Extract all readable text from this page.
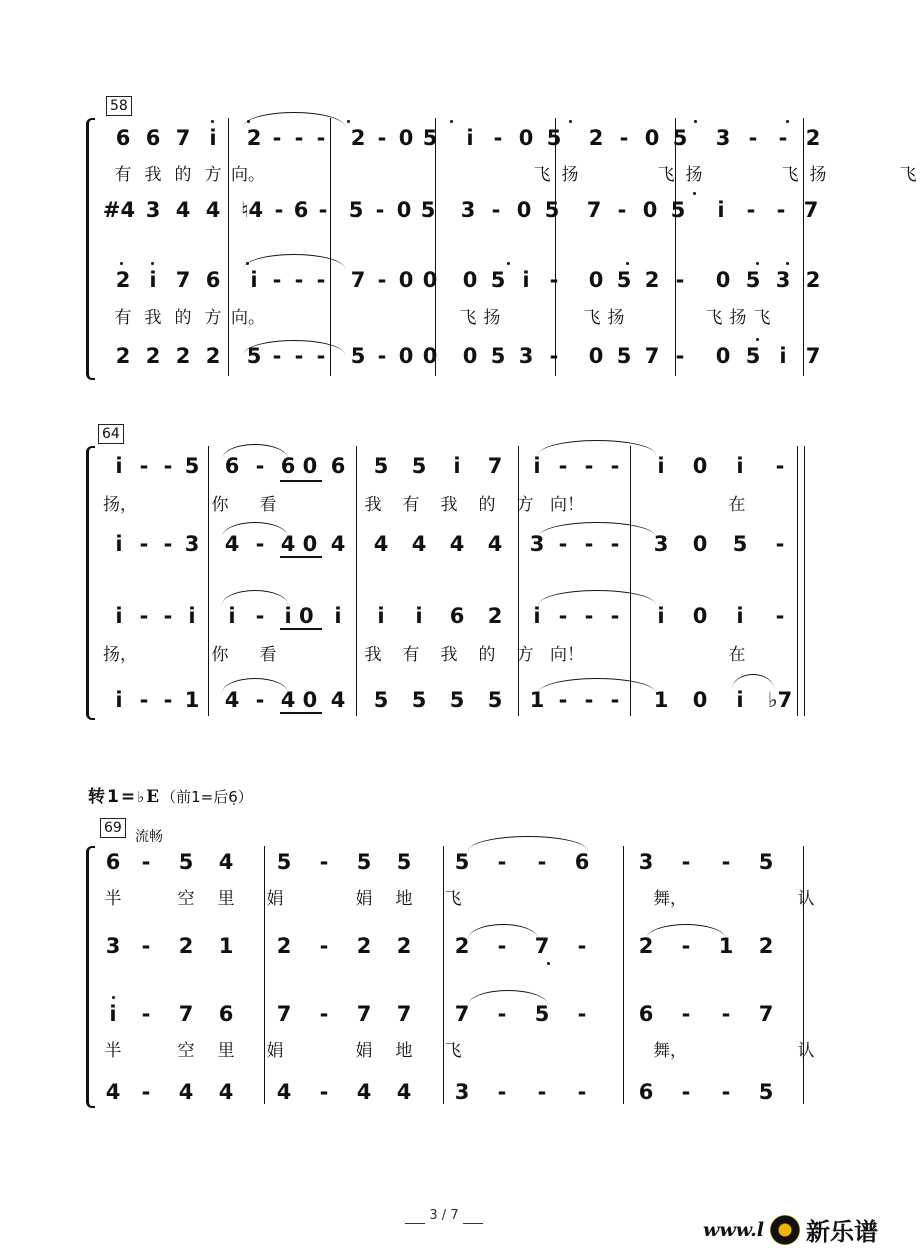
58
6 6 7 i	2 - - -	2 - 0 5	i - 0 5	2 - 0 5	3 -	- 2
有 我 的 方 向。	飞 扬	飞 扬	飞 扬	飞
#4 3 4 4 ♮4 - 6 -	5 - 0 5	3 - 0 5	7 - 0 5	i	-	- 7
2 i 7 6	i - - -	7 - 0 0	0 5 i -	0 5 2 -	0 5 3 2
有 我 的 方 向。	飞 扬	飞 扬	飞 扬 飞
2 2 2 2	5 - - -	5 - 0 0	0 5 3 -	0 5 7 -	0 5 i 7
64
i - - 5	6 - 6 0 6	5	5	i	7	i - - -	i	0	i	-
扬，	你	看	我	有	我	的	方 向！	在
i - - 3	4 - 4 0 4	4	4	4	4	3 - - -	3	0	5	-
i - - i	i - i 0 i	i	i	6	2	i - - -	i	0	i	-
扬，	你	看	我	有	我	的	方 向！	在
i - - 1	4 - 4 0 4	5	5	5	5	1 - - -	1	0	i	♭7
转 1 = ♭ E （前1=后6̣）
69
流畅
6	-	5	4	5	-	5	5	5	-	-	6	3	-	-	5
半	空	里	娟	娟	地	飞	舞，	认
3	-	2	1	2	-	2	2	2	-	7	-	2	-	1	2
i	-	7	6	7	-	7	7	7	-	5	-	6	-	-	7
半	空	里	娟	娟	地	飞	舞，	认
4	-	4	4	4	-	4	4	3	-	-	-	6	-	-	5
3 / 7
www.l 新乐谱
